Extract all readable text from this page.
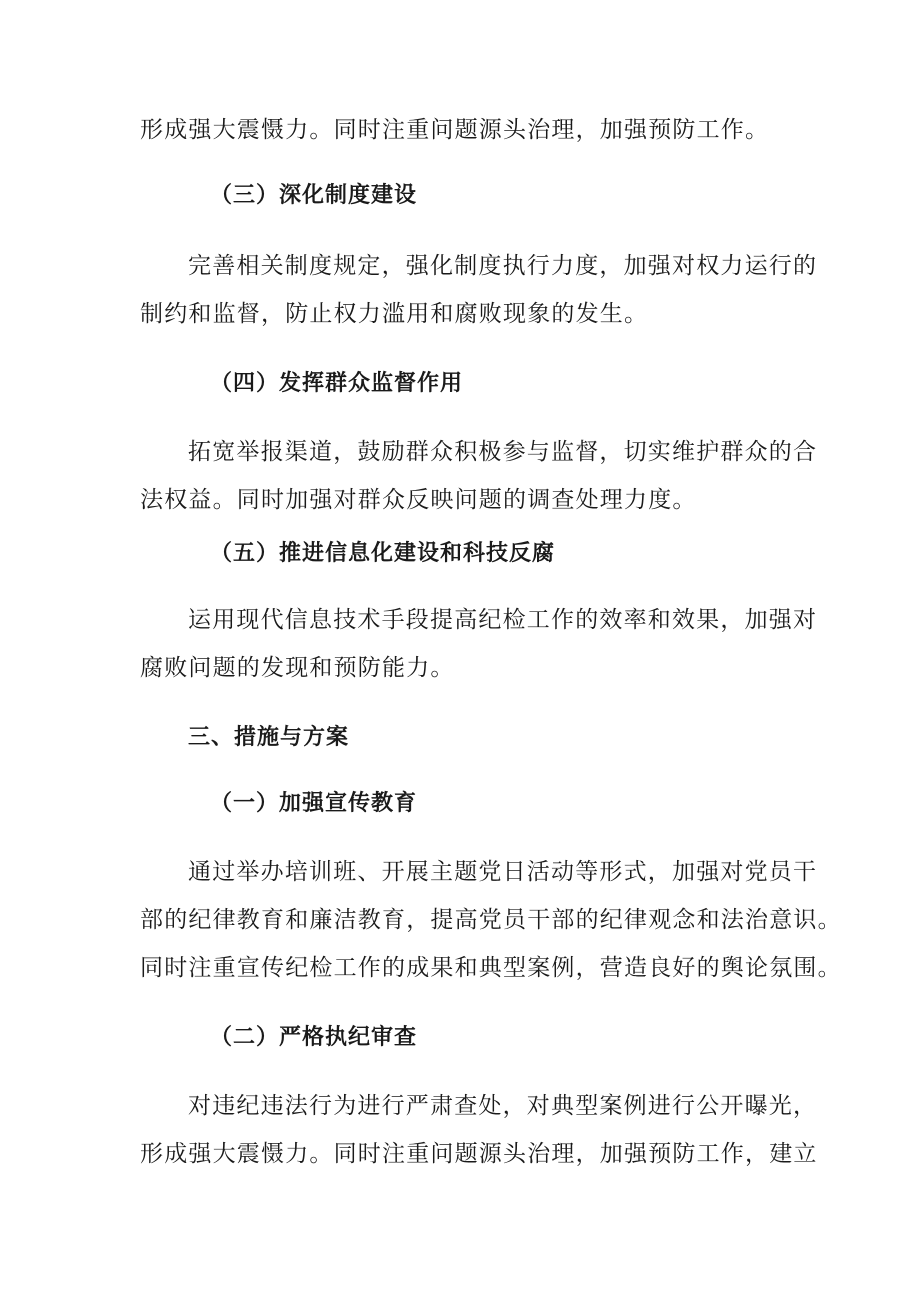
形成强大震慑力。同时注重问题源头治理，加强预防工作。
（三）深化制度建设
完善相关制度规定，强化制度执行力度，加强对权力运行的
制约和监督，防止权力滥用和腐败现象的发生。
（四）发挥群众监督作用
拓宽举报渠道，鼓励群众积极参与监督，切实维护群众的合
法权益。同时加强对群众反映问题的调查处理力度。
（五）推进信息化建设和科技反腐
运用现代信息技术手段提高纪检工作的效率和效果，加强对
腐败问题的发现和预防能力。
三、措施与方案
（一）加强宣传教育
通过举办培训班、开展主题党日活动等形式，加强对党员干
部的纪律教育和廉洁教育，提高党员干部的纪律观念和法治意识。
同时注重宣传纪检工作的成果和典型案例，营造良好的舆论氛围。
（二）严格执纪审查
对违纪违法行为进行严肃查处，对典型案例进行公开曝光，
形成强大震慑力。同时注重问题源头治理，加强预防工作，建立
